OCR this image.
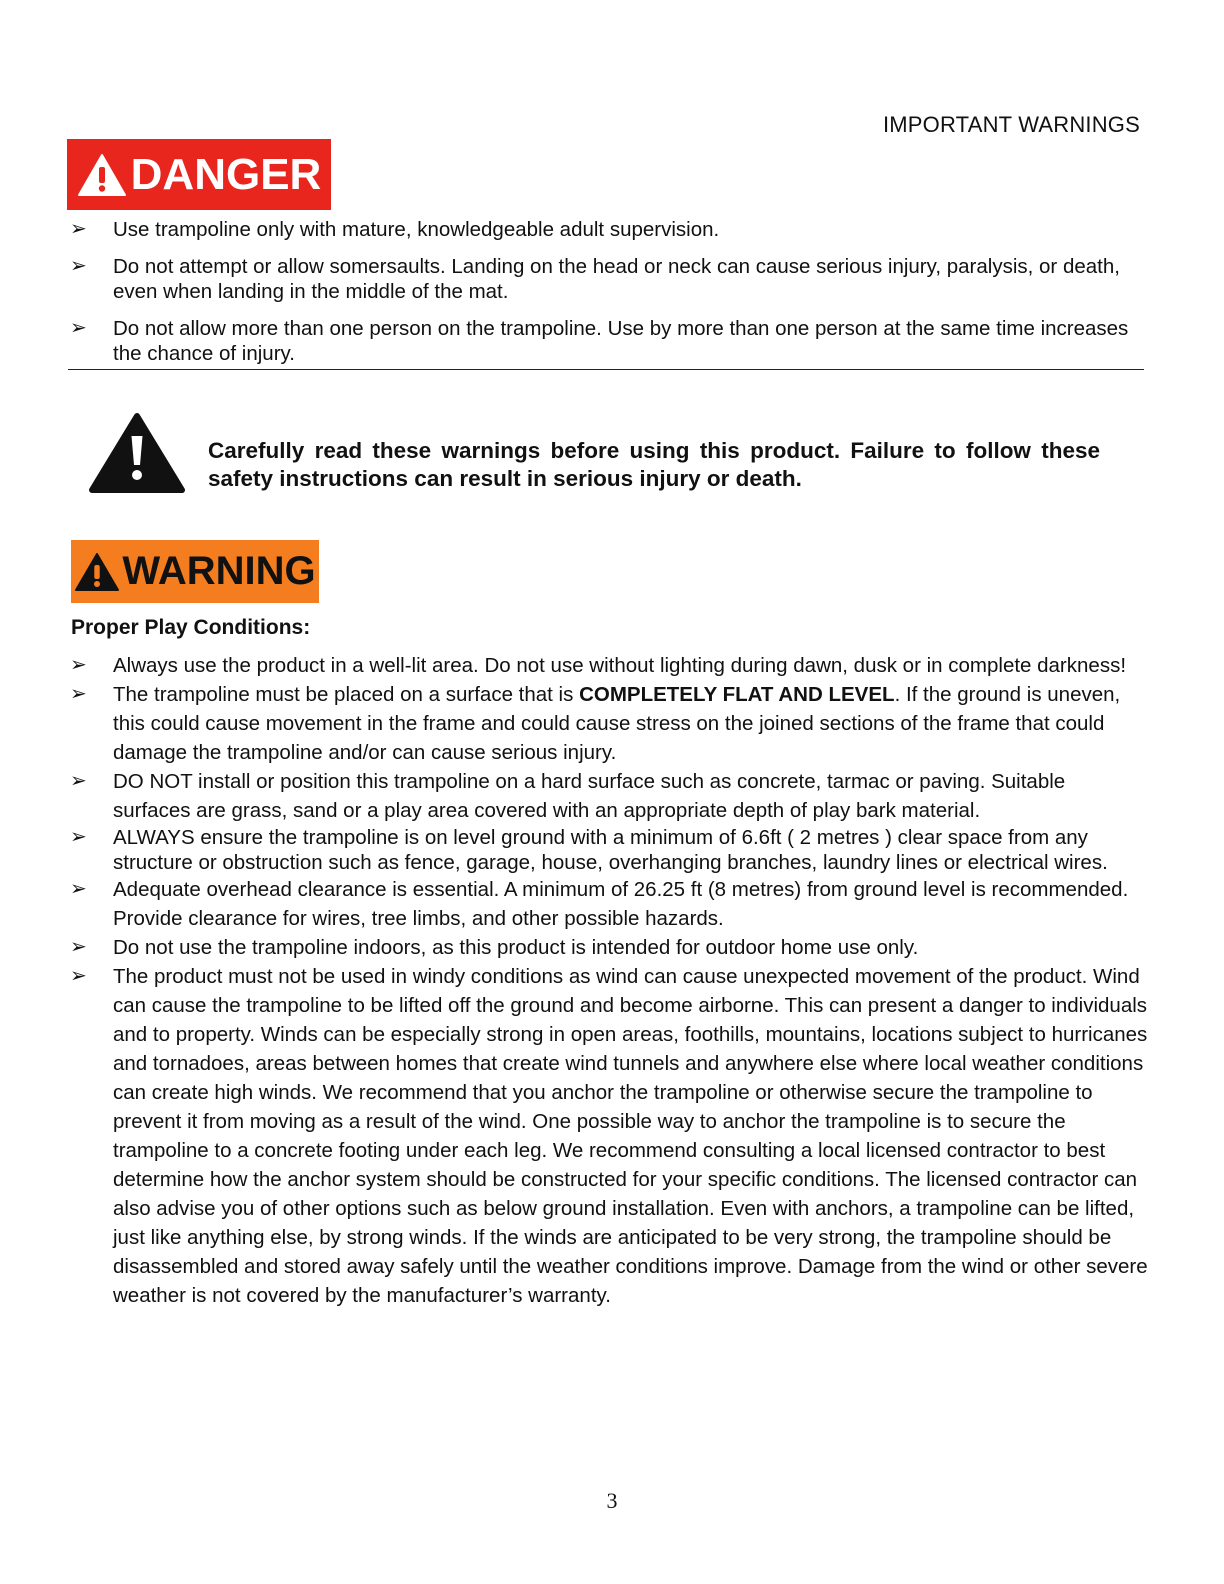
IMPORTANT WARNINGS
DANGER
➢ Use trampoline only with mature, knowledgeable adult supervision.
➢ Do not attempt or allow somersaults. Landing on the head or neck can cause serious injury, paralysis, or death, even when landing in the middle of the mat.
➢ Do not allow more than one person on the trampoline. Use by more than one person at the same time increases the chance of injury.
Carefully read these warnings before using this product. Failure to follow these safety instructions can result in serious injury or death.
WARNING
Proper Play Conditions:
➢ Always use the product in a well-lit area. Do not use without lighting during dawn, dusk or in complete darkness!
➢ The trampoline must be placed on a surface that is COMPLETELY FLAT AND LEVEL. If the ground is uneven, this could cause movement in the frame and could cause stress on the joined sections of the frame that could damage the trampoline and/or can cause serious injury.
➢ DO NOT install or position this trampoline on a hard surface such as concrete, tarmac or paving. Suitable surfaces are grass, sand or a play area covered with an appropriate depth of play bark material.
➢ ALWAYS ensure the trampoline is on level ground with a minimum of 6.6ft ( 2 metres ) clear space from any structure or obstruction such as fence, garage, house, overhanging branches, laundry lines or electrical wires.
➢ Adequate overhead clearance is essential. A minimum of 26.25 ft (8 metres) from ground level is recommended. Provide clearance for wires, tree limbs, and other possible hazards.
➢ Do not use the trampoline indoors, as this product is intended for outdoor home use only.
➢ The product must not be used in windy conditions as wind can cause unexpected movement of the product. Wind can cause the trampoline to be lifted off the ground and become airborne. This can present a danger to individuals and to property. Winds can be especially strong in open areas, foothills, mountains, locations subject to hurricanes and tornadoes, areas between homes that create wind tunnels and anywhere else where local weather conditions can create high winds. We recommend that you anchor the trampoline or otherwise secure the trampoline to prevent it from moving as a result of the wind. One possible way to anchor the trampoline is to secure the trampoline to a concrete footing under each leg. We recommend consulting a local licensed contractor to best determine how the anchor system should be constructed for your specific conditions. The licensed contractor can also advise you of other options such as below ground installation. Even with anchors, a trampoline can be lifted, just like anything else, by strong winds. If the winds are anticipated to be very strong, the trampoline should be disassembled and stored away safely until the weather conditions improve. Damage from the wind or other severe weather is not covered by the manufacturer’s warranty.
3
